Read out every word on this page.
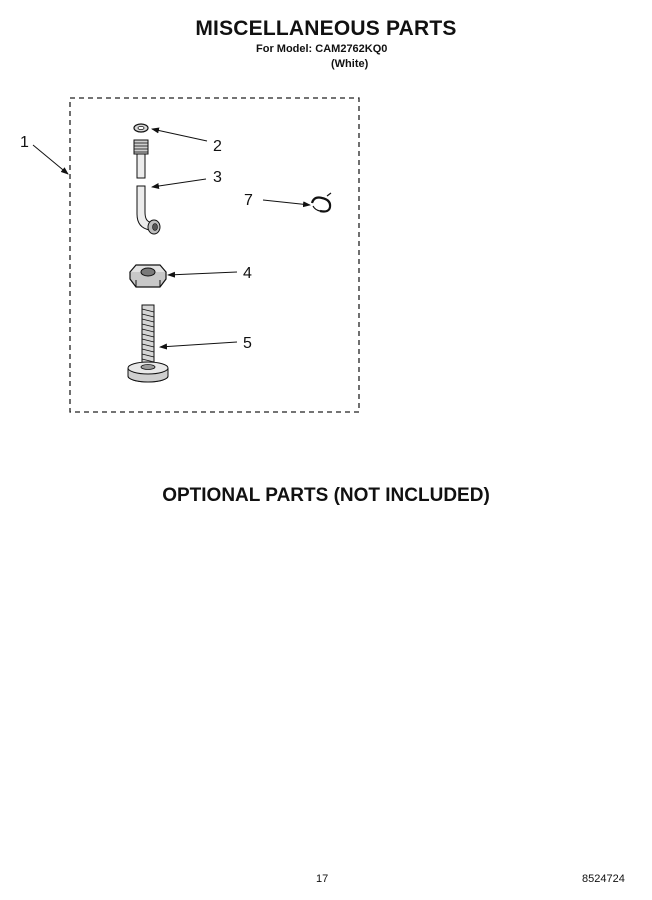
MISCELLANEOUS PARTS

For Model: CAM2762KQ0

(White)

1	2
3
7
4
5
OPTIONAL PARTS (NOT INCLUDED)

17	8524724
